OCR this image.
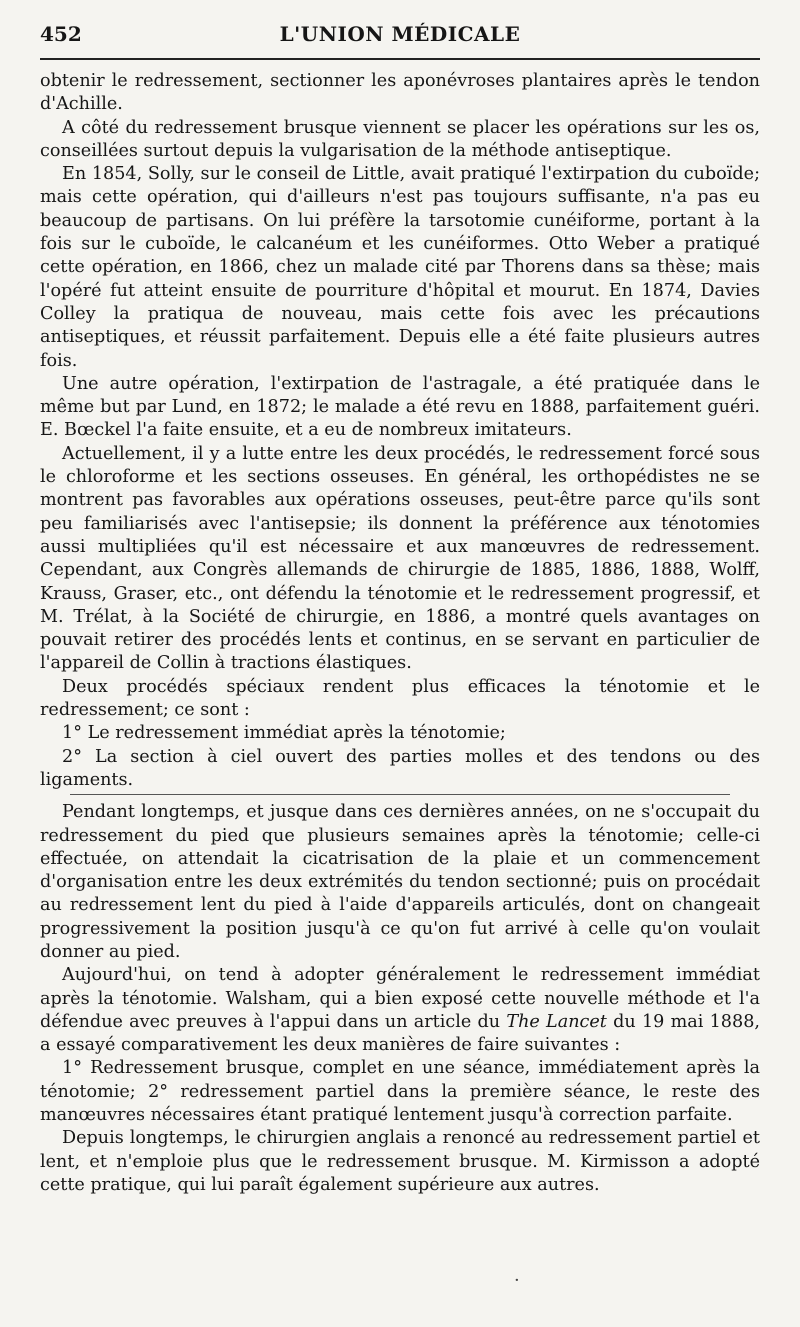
452	L'UNION MÉDICALE

obtenir le redressement, sectionner les aponévroses plantaires après le tendon d'Achille.

A côté du redressement brusque viennent se placer les opérations sur les os, conseillées surtout depuis la vulgarisation de la méthode antiseptique.

En 1854, Solly, sur le conseil de Little, avait pratiqué l'extirpation du cuboïde; mais cette opération, qui d'ailleurs n'est pas toujours suffisante, n'a pas eu beaucoup de partisans. On lui préfère la tarsotomie cunéiforme, portant à la fois sur le cuboïde, le calcanéum et les cunéiformes. Otto Weber a pratiqué cette opération, en 1866, chez un malade cité par Thorens dans sa thèse; mais l'opéré fut atteint ensuite de pourriture d'hôpital et mourut. En 1874, Davies Colley la pratiqua de nouveau, mais cette fois avec les précautions antiseptiques, et réussit parfaitement. Depuis elle a été faite plusieurs autres fois.

Une autre opération, l'extirpation de l'astragale, a été pratiquée dans le même but par Lund, en 1872; le malade a été revu en 1888, parfaitement guéri. E. Bœckel l'a faite ensuite, et a eu de nombreux imitateurs.

Actuellement, il y a lutte entre les deux procédés, le redressement forcé sous le chloroforme et les sections osseuses. En général, les orthopédistes ne se montrent pas favorables aux opérations osseuses, peut-être parce qu'ils sont peu familiarisés avec l'antisepsie; ils donnent la préférence aux ténotomies aussi multipliées qu'il est nécessaire et aux manœuvres de redressement. Cependant, aux Congrès allemands de chirurgie de 1885, 1886, 1888, Wolff, Krauss, Graser, etc., ont défendu la ténotomie et le redressement progressif, et M. Trélat, à la Société de chirurgie, en 1886, a montré quels avantages on pouvait retirer des procédés lents et continus, en se servant en particulier de l'appareil de Collin à tractions élastiques.

Deux procédés spéciaux rendent plus efficaces la ténotomie et le redressement; ce sont :

1° Le redressement immédiat après la ténotomie;

2° La section à ciel ouvert des parties molles et des tendons ou des ligaments.

Pendant longtemps, et jusque dans ces dernières années, on ne s'occupait du redressement du pied que plusieurs semaines après la ténotomie; celle-ci effectuée, on attendait la cicatrisation de la plaie et un commencement d'organisation entre les deux extrémités du tendon sectionné; puis on procédait au redressement lent du pied à l'aide d'appareils articulés, dont on changeait progressivement la position jusqu'à ce qu'on fut arrivé à celle qu'on voulait donner au pied.

Aujourd'hui, on tend à adopter généralement le redressement immédiat après la ténotomie. Walsham, qui a bien exposé cette nouvelle méthode et l'a défendue avec preuves à l'appui dans un article du The Lancet du 19 mai 1888, a essayé comparativement les deux manières de faire suivantes :

1° Redressement brusque, complet en une séance, immédiatement après la ténotomie; 2° redressement partiel dans la première séance, le reste des manœuvres nécessaires étant pratiqué lentement jusqu'à correction parfaite.

Depuis longtemps, le chirurgien anglais a renoncé au redressement partiel et lent, et n'emploie plus que le redressement brusque. M. Kirmisson a adopté cette pratique, qui lui paraît également supérieure aux autres.

·
